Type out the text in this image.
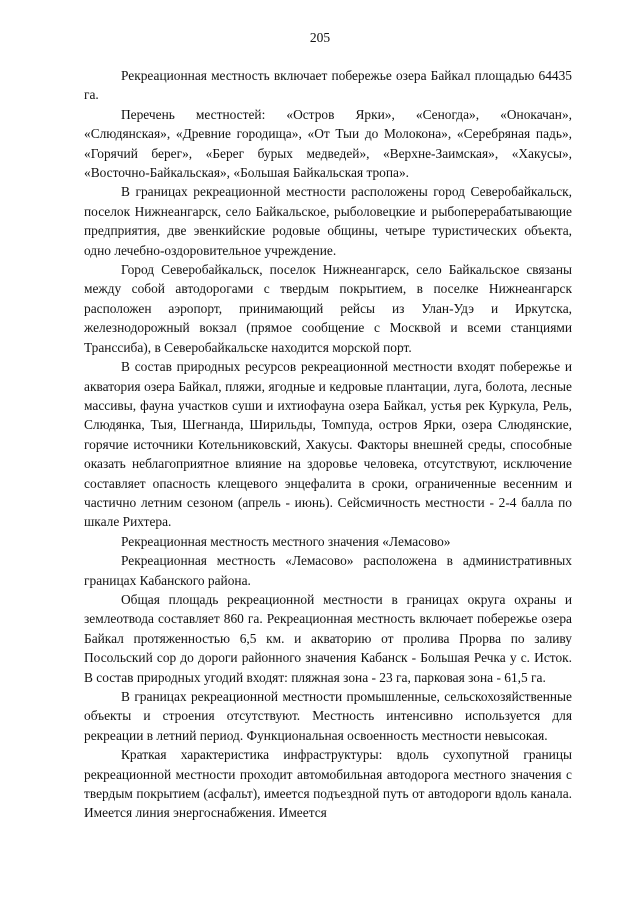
205

Рекреационная местность включает побережье озера Байкал площадью 64435 га.

Перечень местностей: «Остров Ярки», «Сеногда», «Онокачан», «Слюдянская», «Древние городища», «От Тыи до Молокона», «Серебряная падь», «Горячий берег», «Берег бурых медведей», «Верхне-Заимская», «Хакусы», «Восточно-Байкальская», «Большая Байкальская тропа».

В границах рекреационной местности расположены город Северобайкальск, поселок Нижнеангарск, село Байкальское, рыболовецкие и рыбоперерабатывающие предприятия, две эвенкийские родовые общины, четыре туристических объекта, одно лечебно-оздоровительное учреждение.

Город Северобайкальск, поселок Нижнеангарск, село Байкальское связаны между собой автодорогами с твердым покрытием, в поселке Нижнеангарск расположен аэропорт, принимающий рейсы из Улан-Удэ и Иркутска, железнодорожный вокзал (прямое сообщение с Москвой и всеми станциями Транссиба), в Северобайкальске находится морской порт.

В состав природных ресурсов рекреационной местности входят побережье и акватория озера Байкал, пляжи, ягодные и кедровые плантации, луга, болота, лесные массивы, фауна участков суши и ихтиофауна озера Байкал, устья рек Куркула, Рель, Слюдянка, Тыя, Шегнанда, Ширильды, Томпуда, остров Ярки, озера Слюдянские, горячие источники Котельниковский, Хакусы. Факторы внешней среды, способные оказать неблагоприятное влияние на здоровье человека, отсутствуют, исключение составляет опасность клещевого энцефалита в сроки, ограниченные весенним и частично летним сезоном (апрель - июнь). Сейсмичность местности - 2-4 балла по шкале Рихтера.

Рекреационная местность местного значения «Лемасово»

Рекреационная местность «Лемасово» расположена в административных границах Кабанского района.

Общая площадь рекреационной местности в границах округа охраны и землеотвода составляет 860 га. Рекреационная местность включает побережье озера Байкал протяженностью 6,5 км. и акваторию от пролива Прорва по заливу Посольский сор до дороги районного значения Кабанск - Большая Речка у с. Исток. В состав природных угодий входят: пляжная зона - 23 га, парковая зона - 61,5 га.

В границах рекреационной местности промышленные, сельскохозяйственные объекты и строения отсутствуют. Местность интенсивно используется для рекреации в летний период. Функциональная освоенность местности невысокая.

Краткая характеристика инфраструктуры: вдоль сухопутной границы рекреационной местности проходит автомобильная автодорога местного значения с твердым покрытием (асфальт), имеется подъездной путь от автодороги вдоль канала. Имеется линия энергоснабжения. Имеется
